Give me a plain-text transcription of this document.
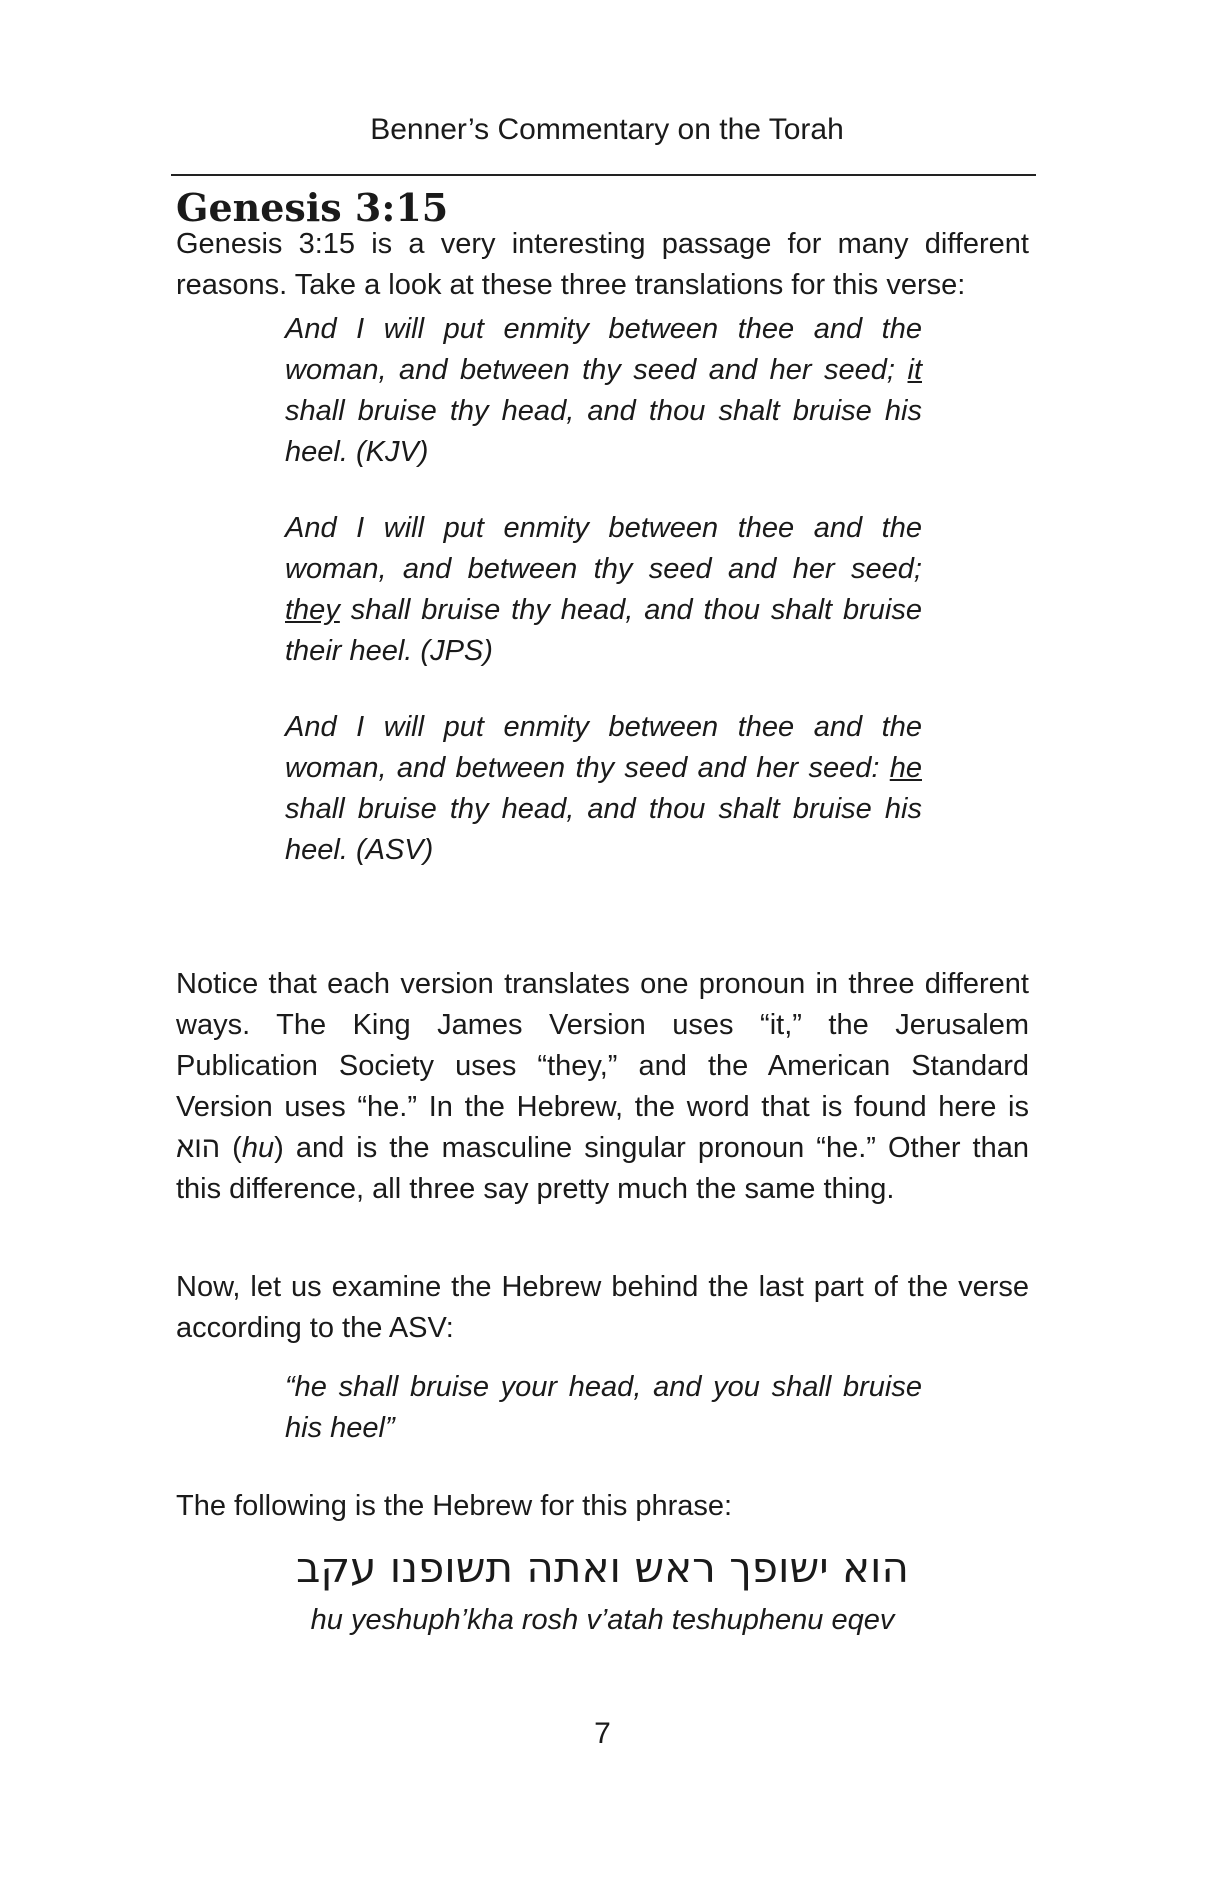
Benner’s Commentary on the Torah
Genesis 3:15

Genesis 3:15 is a very interesting passage for many different reasons. Take a look at these three translations for this verse:

And I will put enmity between thee and the woman, and between thy seed and her seed; it shall bruise thy head, and thou shalt bruise his heel. (KJV)

And I will put enmity between thee and the woman, and between thy seed and her seed; they shall bruise thy head, and thou shalt bruise their heel. (JPS)

And I will put enmity between thee and the woman, and between thy seed and her seed: he shall bruise thy head, and thou shalt bruise his heel. (ASV)

Notice that each version translates one pronoun in three different ways. The King James Version uses “it,” the Jerusalem Publication Society uses “they,” and the American Standard Version uses “he.” In the Hebrew, the word that is found here is הוא (hu) and is the masculine singular pronoun “he.” Other than this difference, all three say pretty much the same thing.

Now, let us examine the Hebrew behind the last part of the verse according to the ASV:

“he shall bruise your head, and you shall bruise his heel”

The following is the Hebrew for this phrase:

הוא ישופך ראש ואתה תשופנו עקב

hu yeshuph’kha rosh v’atah teshuphenu eqev

7
